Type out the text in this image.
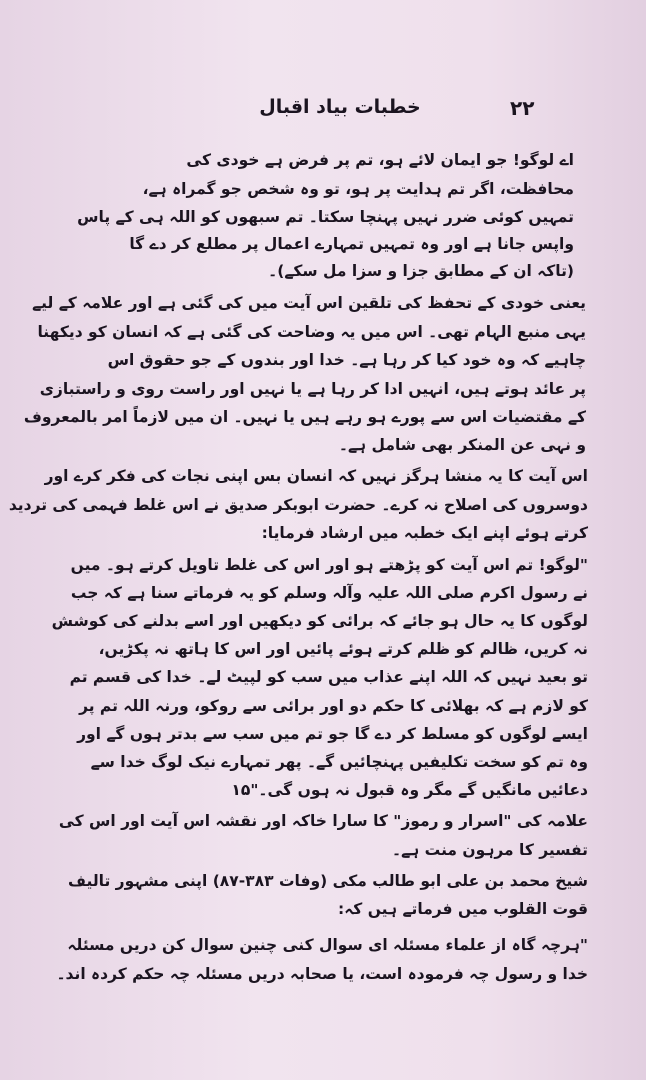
خطبات بیاد اقبال	۲۲
اے لوگو! جو ایمان لائے ہو، تم پر فرض ہے خودی کی
محافظت، اگر تم ہدایت پر ہو، تو وہ شخص جو گمراہ ہے،
تمہیں کوئی ضرر نہیں پہنچا سکتا۔ تم سبھوں کو اللہ ہی کے پاس
واپس جانا ہے اور وہ تمہیں تمہارے اعمال پر مطلع کر دے گا
(تاکہ ان کے مطابق جزا و سزا مل سکے)۔
یعنی خودی کے تحفظ کی تلقین اس آیت میں کی گئی ہے اور علامہ کے لیے
یہی منبع الہام تھی۔ اس میں یہ وضاحت کی گئی ہے کہ انسان کو دیکھنا
چاہیے کہ وہ خود کیا کر رہا ہے۔ خدا اور بندوں کے جو حقوق اس
پر عائد ہوتے ہیں، انہیں ادا کر رہا ہے یا نہیں اور راست روی و راستبازی
کے مقتضیات اس سے پورے ہو رہے ہیں یا نہیں۔ ان میں لازماً امر بالمعروف
و نہی عن المنکر بھی شامل ہے۔
اس آیت کا یہ منشا ہرگز نہیں کہ انسان بس اپنی نجات کی فکر کرے اور
دوسروں کی اصلاح نہ کرے۔ حضرت ابوبکر صدیق نے اس غلط فہمی کی تردید
کرتے ہوئے اپنے ایک خطبہ میں ارشاد فرمایا:
"لوگو! تم اس آیت کو پڑھتے ہو اور اس کی غلط تاویل کرتے ہو۔ میں
نے رسول اکرم صلی اللہ علیہ وآلہ وسلم کو یہ فرماتے سنا ہے کہ جب
لوگوں کا یہ حال ہو جائے کہ برائی کو دیکھیں اور اسے بدلنے کی کوشش
نہ کریں، ظالم کو ظلم کرتے ہوئے پائیں اور اس کا ہاتھ نہ پکڑیں،
تو بعید نہیں کہ اللہ اپنے عذاب میں سب کو لپیٹ لے۔ خدا کی قسم تم
کو لازم ہے کہ بھلائی کا حکم دو اور برائی سے روکو، ورنہ اللہ تم پر
ایسے لوگوں کو مسلط کر دے گا جو تم میں سب سے بدتر ہوں گے اور
وہ تم کو سخت تکلیفیں پہنچائیں گے۔ پھر تمہارے نیک لوگ خدا سے
دعائیں مانگیں گے مگر وہ قبول نہ ہوں گی۔"۱۵
علامہ کی "اسرار و رموز" کا سارا خاکہ اور نقشہ اس آیت اور اس کی
تفسیر کا مرہون منت ہے۔
شیخ محمد بن علی ابو طالب مکی (وفات ۳۸۳-۸۷) اپنی مشہور تالیف
قوت القلوب میں فرماتے ہیں کہ:
"ہرچہ گاہ از علماء مسئلہ ای سوال کنی چنین سوال کن دریں مسئلہ
خدا و رسول چہ فرمودہ است، یا صحابہ دریں مسئلہ چہ حکم کردہ اند۔
